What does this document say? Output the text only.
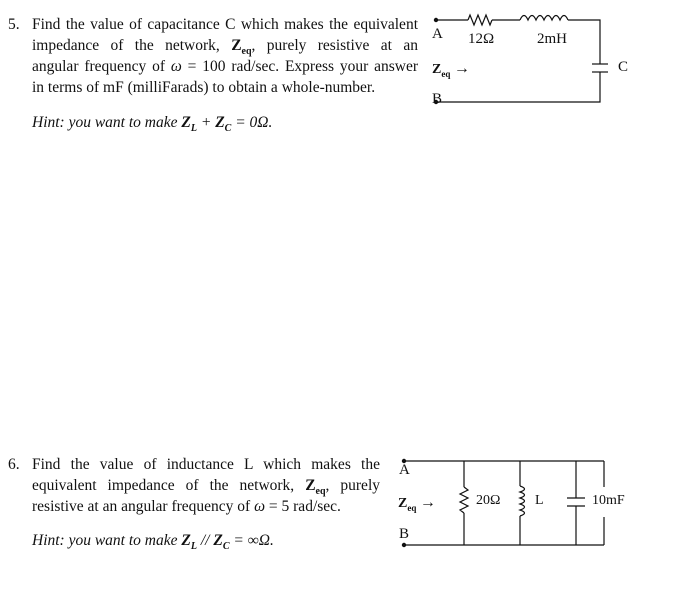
5. Find the value of capacitance C which makes the equivalent
impedance of the network, $Z_{eq}$, purely resistive at an
angular frequency of ω = 100 rad/sec. Express your answer
in terms of mF (milliFarads) to obtain a whole-number.
Hint: you want to make $Z_L + Z_C = 0\Omega$.
6. Find the value of inductance L which makes the
equivalent impedance of the network, $Z_{eq}$, purely
resistive at an angular frequency of ω = 5 rad/sec.
Hint: you want to make $Z_L // Z_C = \infty\Omega$.
A 12Ω	2mH
C
$Z_{eq}$ →
B
A
$Z_{eq}$ →
B
20Ω L	10mF
